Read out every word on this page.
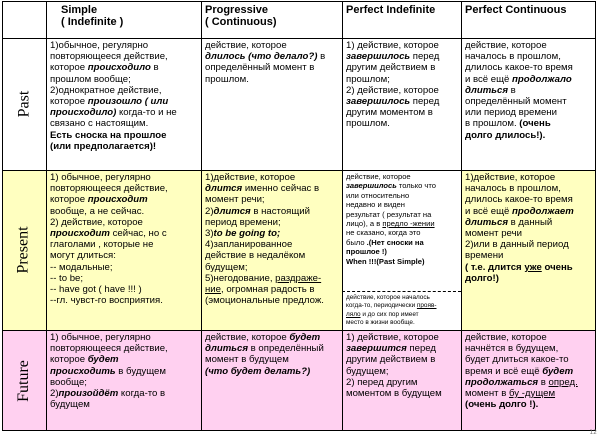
Simple
( Indefinite )
Progressive
( Continuous)
Perfect Indefinite	Perfect Continuous
Past
Present
Future
1)обычное, регулярно
повторяющееся действие,
которое происходило в
прошлом вообще;
2)однократное действие,
которое произошло ( или
происходило) когда-то и не
связано с настоящим.
Есть сноска на прошлое
(или предполагается)!
действие, которое
длилось (что делало?) в
определённый момент в
прошлом.
1) действие, которое
завершилось перед
другим действием в
прошлом;
2) действие, которое
завершилось перед
другим моментом в
прошлом.
действие, которое
началось в прошлом,
длилось какое-то время
и всё ещё продолжало
длиться в
определённый момент
или период времени
в прошлом. (очень
долго длилось!).
1) обычное, регулярно
повторяющееся действие,
которое происходит
вообще, а не сейчас.
2) действие, которое
происходит сейчас, но с
глаголами , которые не
могут длиться:
-- модальные;
-- to be;
-- have got ( have !!! )
--гл. чувст-го восприятия.
1)действие, которое
длится именно сейчас в
момент речи;
2)длится в настоящий
период времени;
3)to be going to;
4)запланированное
действие в недалёком
будущем;
5)негодование, раздраже-
ние, огромная радость в
(эмоциональные предлож.
действие, которое
завершилось только что
или относительно
недавно и виден
результат ( результат на
лицо), а в предло -жении
не сказано, когда это
было .(Нет сноски на
прошлое !)
When !!!(Past Simple)
действие, которое началось
когда-то, периодически прояв-
ляло и до сих пор имеет
место в жизни вообще.
1)действие, которое
началось в прошлом,
длилось какое-то время
и всё ещё продолжает
длиться в данный
момент речи
2)или в данный период
времени
( т.е. длится уже очень
долго!)
1) обычное, регулярно
повторяющееся действие,
которое будет
происходить в будущем
вообще;
2)произойдёт когда-то в
будущем
действие, которое будет
длиться в определённый
момент в будущем
(что будет делать?)
1) действие, которое
завершится перед
другим действием в
будущем;
2) перед другим
моментом в будущем
действие, которое
начнётся в будущем,
будет длиться какое-то
время и всё ещё будет
продолжаться в опред.
момент в бу -дущем
(очень долго !).
12
